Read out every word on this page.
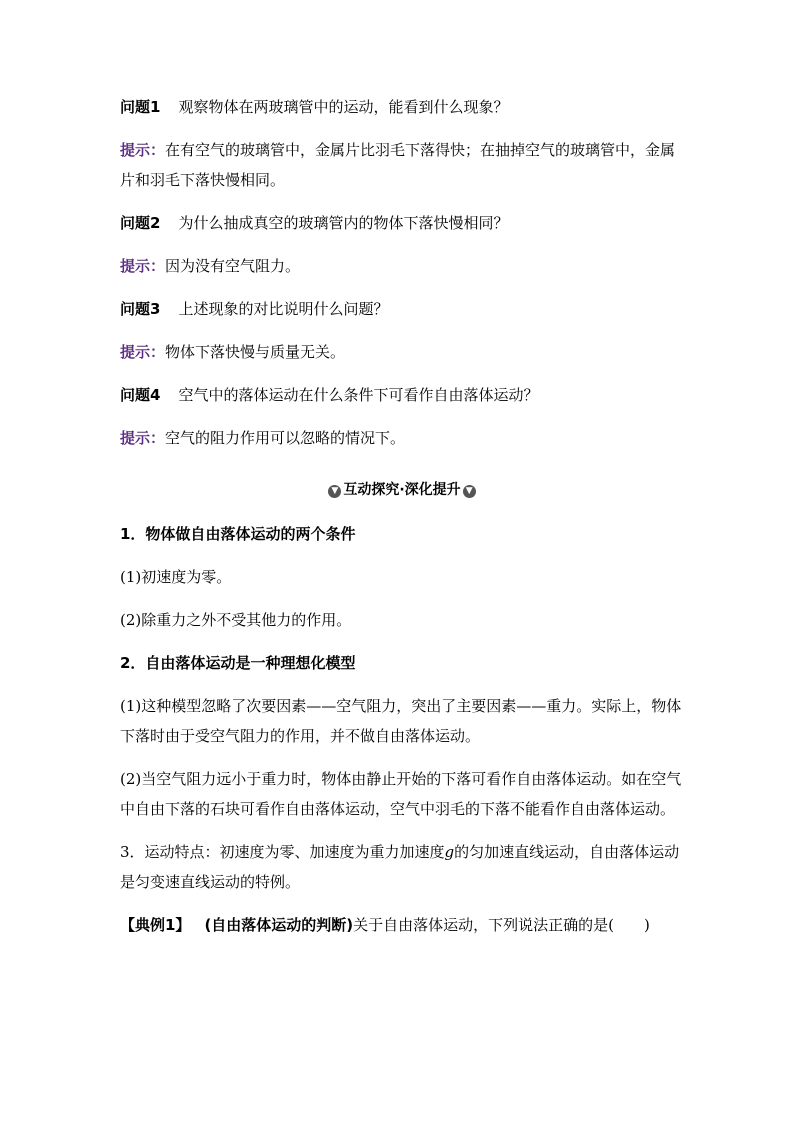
问题1 观察物体在两玻璃管中的运动，能看到什么现象？

提示：在有空气的玻璃管中，金属片比羽毛下落得快；在抽掉空气的玻璃管中，金属片和羽毛下落快慢相同。

问题2 为什么抽成真空的玻璃管内的物体下落快慢相同？

提示：因为没有空气阻力。

问题3 上述现象的对比说明什么问题？

提示：物体下落快慢与质量无关。

问题4 空气中的落体运动在什么条件下可看作自由落体运动？

提示：空气的阻力作用可以忽略的情况下。

▼ 互动探究·深化提升 ▼

1．物体做自由落体运动的两个条件

(1)初速度为零。

(2)除重力之外不受其他力的作用。

2．自由落体运动是一种理想化模型

(1)这种模型忽略了次要因素——空气阻力，突出了主要因素——重力。实际上，物体下落时由于受空气阻力的作用，并不做自由落体运动。

(2)当空气阻力远小于重力时，物体由静止开始的下落可看作自由落体运动。如在空气中自由下落的石块可看作自由落体运动，空气中羽毛的下落不能看作自由落体运动。

3．运动特点：初速度为零、加速度为重力加速度g的匀加速直线运动，自由落体运动是匀变速直线运动的特例。

【典例1】 (自由落体运动的判断)关于自由落体运动，下列说法正确的是(　　)
